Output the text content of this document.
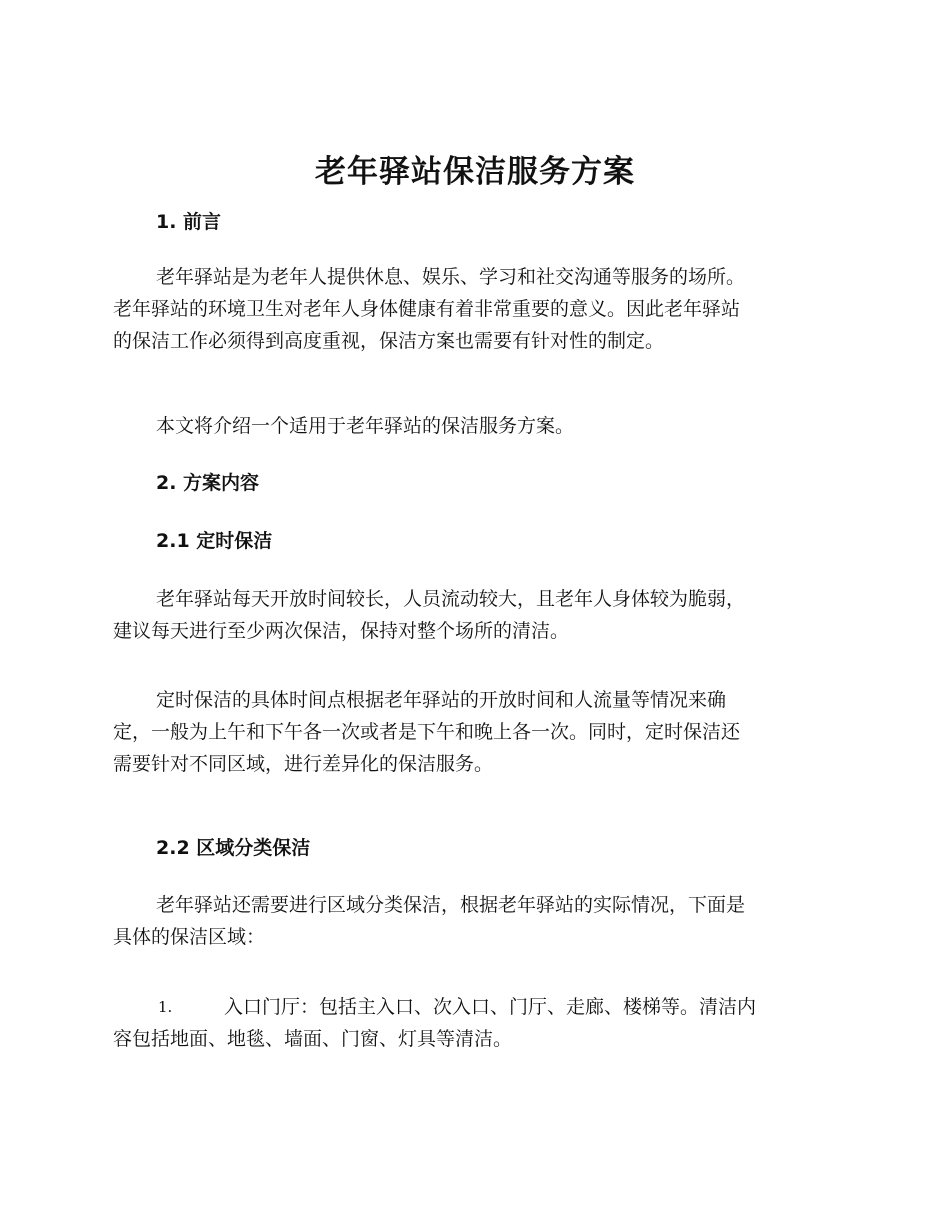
老年驿站保洁服务方案
1. 前言
老年驿站是为老年人提供休息、娱乐、学习和社交沟通等服务的场所。
老年驿站的环境卫生对老年人身体健康有着非常重要的意义。因此老年驿站
的保洁工作必须得到高度重视，保洁方案也需要有针对性的制定。
本文将介绍一个适用于老年驿站的保洁服务方案。
2. 方案内容
2.1 定时保洁
老年驿站每天开放时间较长，人员流动较大，且老年人身体较为脆弱，
建议每天进行至少两次保洁，保持对整个场所的清洁。
定时保洁的具体时间点根据老年驿站的开放时间和人流量等情况来确
定，一般为上午和下午各一次或者是下午和晚上各一次。同时，定时保洁还
需要针对不同区域，进行差异化的保洁服务。
2.2 区域分类保洁
老年驿站还需要进行区域分类保洁，根据老年驿站的实际情况，下面是
具体的保洁区域：
1.	入口门厅：包括主入口、次入口、门厅、走廊、楼梯等。清洁内
容包括地面、地毯、墙面、门窗、灯具等清洁。
